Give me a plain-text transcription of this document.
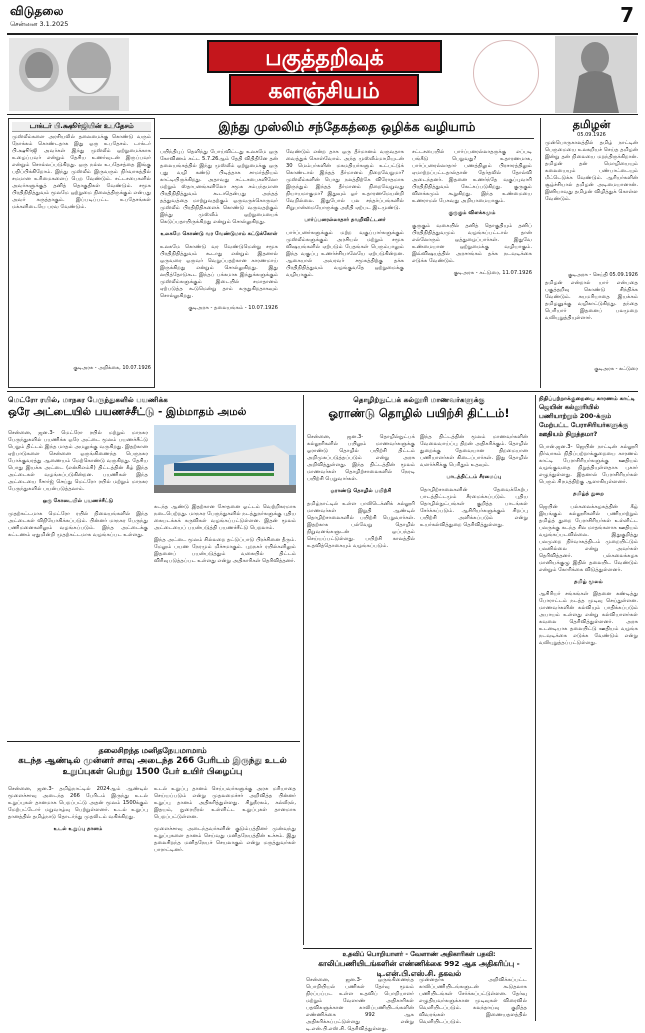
விடுதலை
சென்னை 3.1.2025	7
பகுத்தறிவுக்
களஞ்சியம்
டாக்டர் பி.க்ஷூர்ஜியின் உபதேசம்
முஸ்லீம்களை அரசியலில் தலைமைக்கு கொண்டு வரும் நோக்கம் கொண்டதாக இது ஒரு உபதேசம். டாக்டர் பி.க்ஷூர்ஜி அவர்கள் இந்து முஸ்லீம் ஒற்றுமைக்காக உழைப்பவர் என்றும் தேசிய உணர்வுடன் இருப்பவர் என்றும் சொல்லப்படுகிறது. ஒரு நல்ல உபதேசத்தை இங்கு பதிப்பிக்கிறோம். இந்து முஸ்லீம் இருவரும் நிர்வாகத்தில் சமமான உரிமைகளைப் பெற வேண்டும். சட்டசபைகளில் அவர்களுக்குத் தனித் தொகுதிகள் வேண்டும். சமூக பிரதிநிதித்துவம் மூலமே ஒற்றுமை நிலைத்திருக்கும் என்பது அவர் கருத்தாகும். இப்படிப்பட்ட உபதேசங்கள் மக்களிடையே பரவ வேண்டும்.
குடிஅரசு - அறிக்கை, 10.07.1926
இந்து முஸ்லிம் சந்தேகத்தை ஒழிக்க வழியாம்

பயிந்திபுப் தெளிந்து போய்விட்டது உலகமே ஒரு கோவிணம் சுட்ட 5.7.26ஆம் தேதி விதிதினே தன் தலையங்கத்தில் இந்து முஸ்லீம் ஒற்றுமைக்கு ஒரு புது வழி கண்டு பிடித்தாக சாமர்த்தியம் காட்டியிருக்கிறது. அதாவது சட்டசபைகளிலோ மற்றும் ஸ்தாபனங்களிலோ சமூக சம்பந்தமான பிரதிநிதித்துவம் கூடாதென்பது அந்தத் தத்துவத்தை மாற்றுவதற்கும் ஒருவருக்கொருவர் முஸ்லீம் பிரதிநிதிகளைக் கொண்டு வருவதற்கும் இந்து முஸ்லீம் ஒற்றுமையைக் கெடுப்பதாயிருக்கிறது என்றும் சொல்லுகிறது.

உலகமே கொண்டு வர வேண்டுமாம் கட்டுக்கோள்

உலகமே கொண்டு வர வேண்டுமென்று சமூக பிரதிநிதித்துவம் கூடாது என்றும் இதனால் ஒருவரை ஒருவர் வெறுப்பதற்கான காரணமாய் இருக்கிறது என்றும் சொல்லுகிறது. இது லயித்தோடுகூட இந்தப் பக்கமாக இந்துக்களுக்கும் முஸ்லீம்களுக்கும் இடையில் சமாதானம் ஏற்படுத்த கூடுமென்று தாம் கருதுகிறதாகவும் சொல்லுகிறது.

குடிஅரசு - தலையங்கம் - 10.07.1926

வேண்டும் என்ற தாக ஒரு தீர்மானம் வருவதாக வைத்துக் கொள்வோம். அந்த முஸ்லீம்மாமியுடன் 30 மெம்பர்களின் மகமதியர்களும் உட்பட்டுக் கொண்டால் இந்தத் தீர்மானம் நிறைவேறுமா? முஸ்லீம்களின் பொது நலத்திற்கே விரோதமாக இருந்தும் இந்தத் தீர்மானம் நிறைவேறுவது நியாயமாகுமா? இதுவும் ஓர் உதாரணமேயன்றி வேறில்லை. இதுபோல் பல சந்தர்ப்பங்களில் சிறுபான்மையோருக்கு அநீதி ஏற்பட இடமுண்டு.

பார்ப்பனரல்லாதார் தவறிவிட்டனர்

பார்ப்பனர்களுக்கும் மற்ற வகுப்பார்களுக்கும் முஸ்லீம்களுக்கும் அரசியல் மற்றும் சமூக விஷயங்களில் ஏற்படும் பேதங்கள் பெரும்பாலும் இந்த வகுப்பு உணர்ச்சியாலேயே ஏற்படுகின்றன. ஆகையால் அவரவர் சமூகத்திற்கு தக்க பிரதிநிதித்துவம் வழங்குவதே ஒற்றுமைக்கு வழியாகும்.

சட்டசபையில் பார்ப்பனரல்லாதருக்கு எப்படி பங்கீடு பெறுவது? உதாரணமாக, பார்ப்பனரல்லாதார் பணத்திலும் பிரசாரத்திலும் ஏமாற்றப்பட்டதால்தான் தேர்தலில் தோல்வி அடைந்தனர். இதனை உணர்ந்தே வகுப்புவாரி பிரதிநிதித்துவம் கேட்கப்படுகிறது. குருகும் விளக்கமும் கூறுகிறது. இந்த உண்மையை உணராமல் பேசுவது அறியாமையாகும்.

குருகும் விளக்கமும்

குருகும் வகையில் தனித் தொகுதியும் தனிப் பிரதிநிதித்துவமும் வழங்கப்பட்டால் தான் எல்லோரும் ஒத்துழைப்பார்கள். இதுவே உண்மையான ஒற்றுமைக்கு வழியாகும். இவ்விஷயத்தில் அரசாங்கம் தக்க நடவடிக்கை எடுக்க வேண்டும்.

குடிஅரசு - கட்டுரை, 11.07.1926

தமிழன்
05.09.1926
முன்பொருகாலத்தில் தமிழ் நாட்டின் பெருமையை உலகறியச் செய்த தமிழன் இன்று தன் நிலையை மறந்திருக்கிறான். தமிழன் தன் மொழியையும் கலையையும் பண்பாட்டையும் மீட்டெடுக்க வேண்டும். ஆரியர்களின் சூழ்ச்சியால் தமிழன் அடிமையானான். இனியாவது தமிழன் விழித்துக் கொள்ள வேண்டும்.
குடிஅரசு - செய்தி 05.09.1926
தமிழன் என்றால் யார் என்பதை பகுத்தறிவு கொண்டு சிந்திக்க வேண்டும். சுயமரியாதை இயக்கம் தமிழனுக்கு வழிகாட்டுகிறது. தந்தை பெரியார் இதனைப் பலமுறை வலியுறுத்தியுள்ளார்.
குடிஅரசு - கட்டுரை
மெட்ரோ ரயில், மாநகர பேருந்துகளில் பயணிக்க
ஒரே அட்டையில் பயணச்சீட்டு - இம்மாதம் அமல்

சென்னை, ஜன.3- மெட்ரோ ரயில் மற்றும் மாநகர பேருந்துகளில் பயணிக்க ஒரே அட்டை மூலம் பயணச்சீட்டு பெறும் திட்டம் இந்த மாதம் அமலுக்கு வருகிறது. இதற்கான ஏற்பாடுகளை சென்னை ஒருங்கிணைந்த பெருநகர போக்குவரத்து ஆணையம் மேற்கொண்டு வருகிறது. தேசிய பொது இயக்க அட்டை (என்சிஎம்சி) திட்டத்தின் கீழ் இந்த அட்டைகள் வழங்கப்படுகின்றன. பயணிகள் இந்த அட்டையை ரீசார்ஜ் செய்து மெட்ரோ ரயில் மற்றும் மாநகர பேருந்துகளில் பயன்படுத்தலாம்.

ஒரு கோடையில் பயணச்சீட்டு

முதற்கட்டமாக மெட்ரோ ரயில் நிலையங்களில் இந்த அட்டைகள் விநியோகிக்கப்படும். பின்னர் மாநகர பேருந்து பணிமனைகளிலும் வழங்கப்படும். இந்த அட்டைக்கு கட்டணம் ஏதுமின்றி முதற்கட்டமாக வழங்கப்பட உள்ளது.

கடந்த ஆண்டு இதற்கான சோதனை ஓட்டம் வெற்றிகரமாக நடைபெற்றது. மாநகர பேருந்துகளில் நடத்துநர்களுக்கு புதிய கையடக்கக் கருவிகள் வழங்கப்பட்டுள்ளன. இதன் மூலம் அட்டையைப் பயன்படுத்தி பயணச்சீட்டு பெறலாம்.

இந்த அட்டை மூலம் சில்லறை தட்டுப்பாடு பிரச்சினை தீரும். மேலும் பயண நேரமும் மிச்சமாகும். புறநகர் ரயில்களிலும் இதனைப் பயன்படுத்தும் வகையில் திட்டம் விரிவுபடுத்தப்பட உள்ளது என்று அதிகாரிகள் தெரிவித்தனர்.

தொழிற்நுட்பக் கல்லூரி மாணவர்களுக்கு
ஓராண்டு தொழில் பயிற்சி திட்டம்!

சென்னை, ஜன.3- தொழில்நுட்பக் கல்லூரிகளில் பயிலும் மாணவர்களுக்கு ஓராண்டு தொழில் பயிற்சி திட்டம் அறிமுகப்படுத்தப்படும் என்று அரசு அறிவித்துள்ளது. இந்த திட்டத்தின் மூலம் மாணவர்கள் தொழிற்சாலைகளில் நேரடி பயிற்சி பெறுவார்கள்.

ஓராண்டு தொழில் பயிற்சி

தமிழ்நாட்டில் உள்ள பாலிடெக்னிக் கல்லூரி மாணவர்கள் இறுதி ஆண்டில் தொழிற்சாலைகளில் பயிற்சி பெறுவார்கள். இதற்காக பல்வேறு தொழில் நிறுவனங்களுடன் ஒப்பந்தம் செய்யப்பட்டுள்ளது. பயிற்சி காலத்தில் உதவித்தொகையும் வழங்கப்படும்.

இந்த திட்டத்தின் மூலம் மாணவர்களின் வேலைவாய்ப்பு திறன் அதிகரிக்கும். தொழில் துறைக்கு தேவையான திறமையான பணியாளர்கள் கிடைப்பார்கள். இது தொழில் வளர்ச்சிக்கு பெரிதும் உதவும்.

பாடத்திட்டம் சீரமைப்பு

தொழிற்சாலைகளின் தேவைக்கேற்ப பாடத்திட்டமும் சீரமைக்கப்படும். புதிய தொழில்நுட்பங்கள் குறித்த பாடங்கள் சேர்க்கப்படும். ஆசிரியர்களுக்கும் சிறப்பு பயிற்சி அளிக்கப்படும் என்று உயர்கல்வித்துறை தெரிவித்துள்ளது.

நிதிப்பற்றாக்குறையை காரணம் காட்டி
ஜெயின் கல்லூரியில் பணியாற்றும் 200-க்கும் மேற்பட்ட பேராசிரியர்களுக்கு ஊதியம் நிறுத்தமா?

பொன்.ஜன.3- ஜெயின் நாட்டின் கல்லூரி நிர்வாகம் நிதிப்பற்றாக்குறையை காரணம் காட்டி பேராசிரியர்களுக்கு ஊதியம் வழங்குவதை நிறுத்தியுள்ளதாக புகார் எழுந்துள்ளது. இதனால் பேராசிரியர்கள் பெரும் சிரமத்திற்கு ஆளாகியுள்ளனர்.

தமிழ்த் துறை

ஜெயின் பல்கலைக்கழகத்தின் கீழ் இயங்கும் கல்லூரிகளில் பணியாற்றும் தமிழ்த் துறை பேராசிரியர்கள் உள்ளிட்ட பலருக்கு கடந்த சில மாதங்களாக ஊதியம் வழங்கப்படவில்லை. இதுகுறித்து பலமுறை நிர்வாகத்திடம் முறையிட்டும் பலனில்லை என்று அவர்கள் தெரிவித்தனர். பல்கலைக்கழக மானியக்குழு இதில் தலையிட வேண்டும் என்றும் கோரிக்கை விடுத்துள்ளனர்.

தமிழ் மூலம்

ஆசிரியர் சங்கங்கள் இதனை கண்டித்து போராட்டம் நடத்த முடிவு செய்துள்ளன. மாணவர்களின் கல்வியும் பாதிக்கப்படும் அபாயம் உள்ளது என்று கல்வியாளர்கள் கவலை தெரிவித்துள்ளனர். அரசு உடனடியாக தலையிட்டு ஊதியம் வழங்க நடவடிக்கை எடுக்க வேண்டும் என்று வலியுறுத்தப்பட்டுள்ளது.

தலைசிறந்த மனிதநேயமாமாம்
கடந்த ஆண்டில் முன்னர் சாவு அடைந்த 266 பேரிடம் இருந்து உடல் உறுப்புகள் பெற்று 1500 பேர் உயிர் பிழைப்பு

சென்னை, ஜன.3- தமிழ்நாட்டில் 2024ஆம் ஆண்டில் மூளைச்சாவு அடைந்த 266 பேரிடம் இருந்து உடல் உறுப்புகள் தானமாக பெறப்பட்டு அதன் மூலம் 1500க்கும் மேற்பட்டோர் மறுவாழ்வு பெற்றுள்ளனர். உடல் உறுப்பு தானத்தில் தமிழ்நாடு தொடர்ந்து முதலிடம் வகிக்கிறது.

உடல் உறுப்பு தானம்

உடல் உறுப்பு தானம் செய்பவர்களுக்கு அரசு மரியாதை செய்யப்படும் என்று முதலமைச்சர் அறிவித்த பின்னர் உறுப்பு தானம் அதிகரித்துள்ளது. சிறுநீரகம், கல்லீரல், இதயம், நுரையீரல் உள்ளிட்ட உறுப்புகள் தானமாக பெறப்பட்டுள்ளன.

மூளைச்சாவு அடைந்தவர்களின் குடும்பத்தினர் முன்வந்து உறுப்புகளை தானம் செய்வது மனிதநேயத்தின் உச்சம். இது தலைசிறந்த மனிதநேயச் செயலாகும் என்று மருத்துவர்கள் பாராட்டினர்.

உதவிப் பொறியாளர் - வேளாண் அதிகாரிகள் பதவி:
காலிப்பணியிடங்களின் எண்ணிக்கை 992 ஆக அதிகரிப்பு - டி.என்.பி.எஸ்.சி. தகவல்

சென்னை, ஜன.3- ஒருங்கிணைந்த பொறியியல் பணிகள் தேர்வு மூலம் நிரப்பப்பட உள்ள உதவிப் பொறியாளர் மற்றும் வேளாண் அதிகாரிகள் பதவிகளுக்கான காலிப்பணியிடங்களின் எண்ணிக்கை 992 ஆக அதிகரிக்கப்பட்டுள்ளது என்று டி.என்.பி.எஸ்.சி. தெரிவித்துள்ளது.

முன்னதாக அறிவிக்கப்பட்ட காலிப்பணியிடங்களுடன் கூடுதலாக பணியிடங்கள் சேர்க்கப்பட்டுள்ளன. தேர்வு எழுதியவர்களுக்கான முடிவுகள் விரைவில் வெளியிடப்படும். கலந்தாய்வு குறித்த விவரங்கள் இணையதளத்தில் வெளியிடப்படும்.
